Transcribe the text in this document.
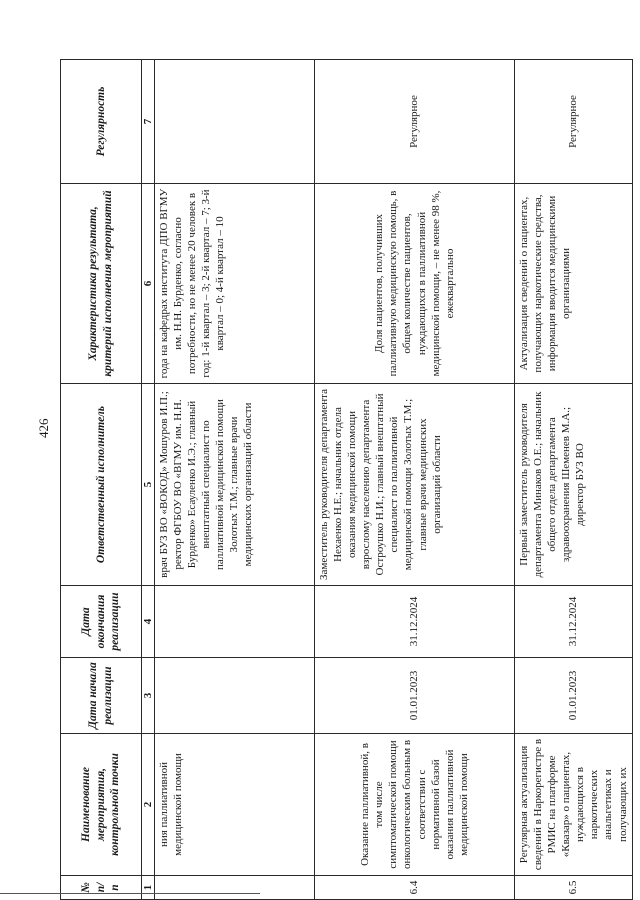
426
№ п/п	Наименование мероприятия, контрольной точки	Дата начала реализации	Дата окончания реализации	Ответственный исполнитель	Характеристика результата, критерий исполнения мероприятий	Регулярность
1	2	3	4	5	6	7
	ния паллиативной медицинской помощи			врач БУЗ ВО «ВОКОД» Мошуров И.П.; ректор ФГБОУ ВО «ВГМУ им. Н.Н. Бурденко» Есауленко И.Э.; главный внештатный специалист по паллиативной медицинской помощи Золотых Т.М.; главные врачи медицинских организаций области	года на кафедрах института ДПО ВГМУ им. Н.Н. Бурденко, согласно потребности, но не менее 20 человек в год: 1-й квартал – 3; 2-й квартал – 7; 3-й квартал – 0; 4-й квартал – 10	
6.4	Оказание паллиативной, в том числе симптоматической помощи онкологическим больным в соответствии с нормативной базой оказания паллиативной медицинской помощи	01.01.2023	31.12.2024	Заместитель руководителя департамента Нехаенко Н.Е.; начальник отдела оказания медицинской помощи взрослому населению департамента Остроушко Н.И.; главный внештатный специалист по паллиативной медицинской помощи Золотых Т.М.; главные врачи медицинских организаций области	Доля пациентов, получивших паллиативную медицинскую помощь, в общем количестве пациентов, нуждающихся в паллиативной медицинской помощи, – не менее 98 %, ежеквартально	Регулярное
6.5	Регулярная актуализация сведений в Наркорегистре в РМИС на платформе «Квазар» о пациентах, нуждающихся в наркотических анальгетиках и получающих их	01.01.2023	31.12.2024	Первый заместитель руководителя департамента Минаков О.Е.; начальник общего отдела департамента здравоохранения Шеменев М.А.; директор БУЗ ВО	Актуализация сведений о пациентах, получающих наркотические средства, информация вводится медицинскими организациями	Регулярное
